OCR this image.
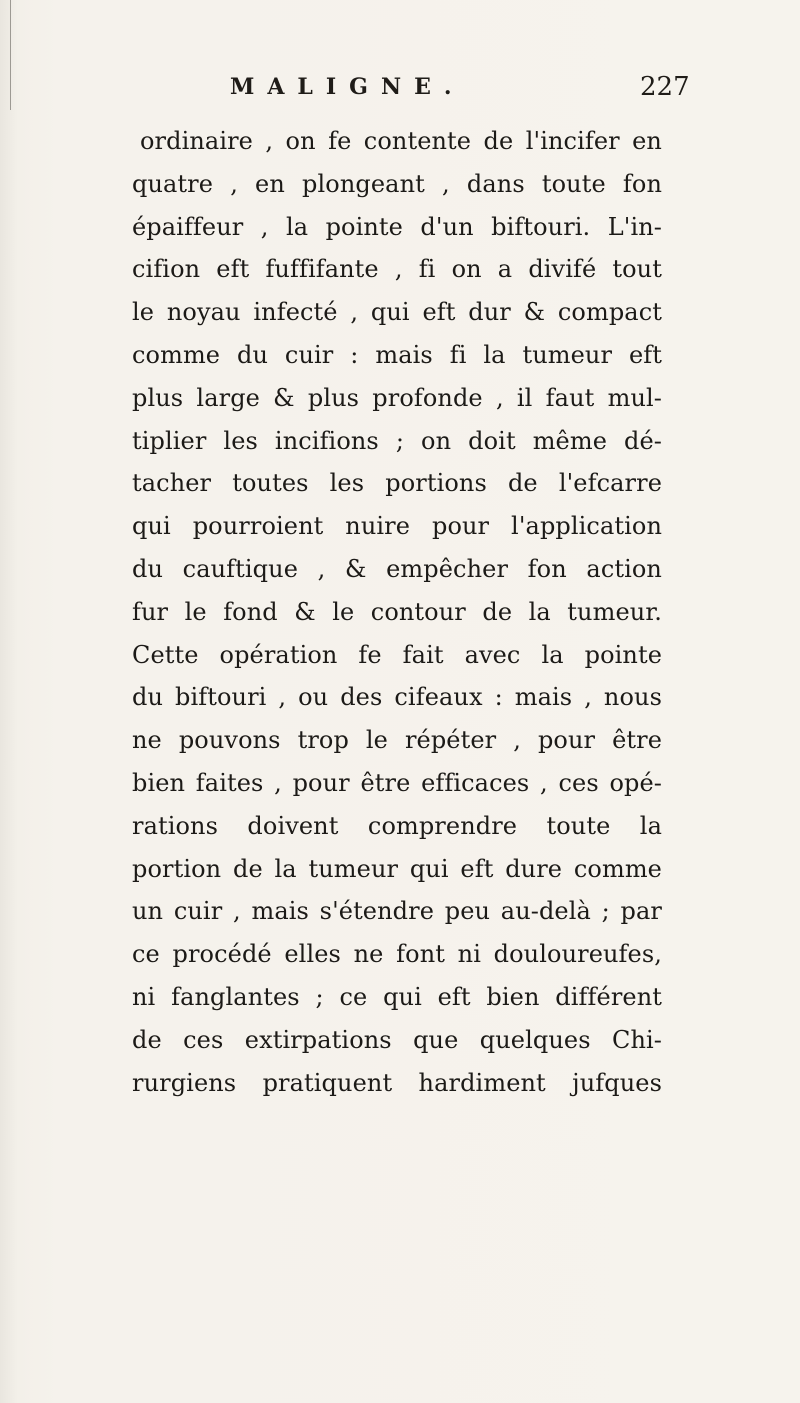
MALIGNE.	227
ordinaire , on fe contente de l'incifer en
quatre , en plongeant , dans toute fon
épaiffeur , la pointe d'un biftouri. L'in-
cifion eft fuffifante , fi on a divifé tout
le noyau infecté , qui eft dur & compact
comme du cuir : mais fi la tumeur eft
plus large & plus profonde , il faut mul-
tiplier les incifions ; on doit même dé-
tacher toutes les portions de l'efcarre
qui pourroient nuire pour l'application
du cauftique , & empêcher fon action
fur le fond & le contour de la tumeur.
Cette opération fe fait avec la pointe
du biftouri , ou des cifeaux : mais , nous
ne pouvons trop le répéter , pour être
bien faites , pour être efficaces , ces opé-
rations doivent comprendre toute la
portion de la tumeur qui eft dure comme
un cuir , mais s'étendre peu au-delà ; par
ce procédé elles ne font ni douloureufes,
ni fanglantes ; ce qui eft bien différent
de ces extirpations que quelques Chi-
rurgiens pratiquent hardiment jufques
